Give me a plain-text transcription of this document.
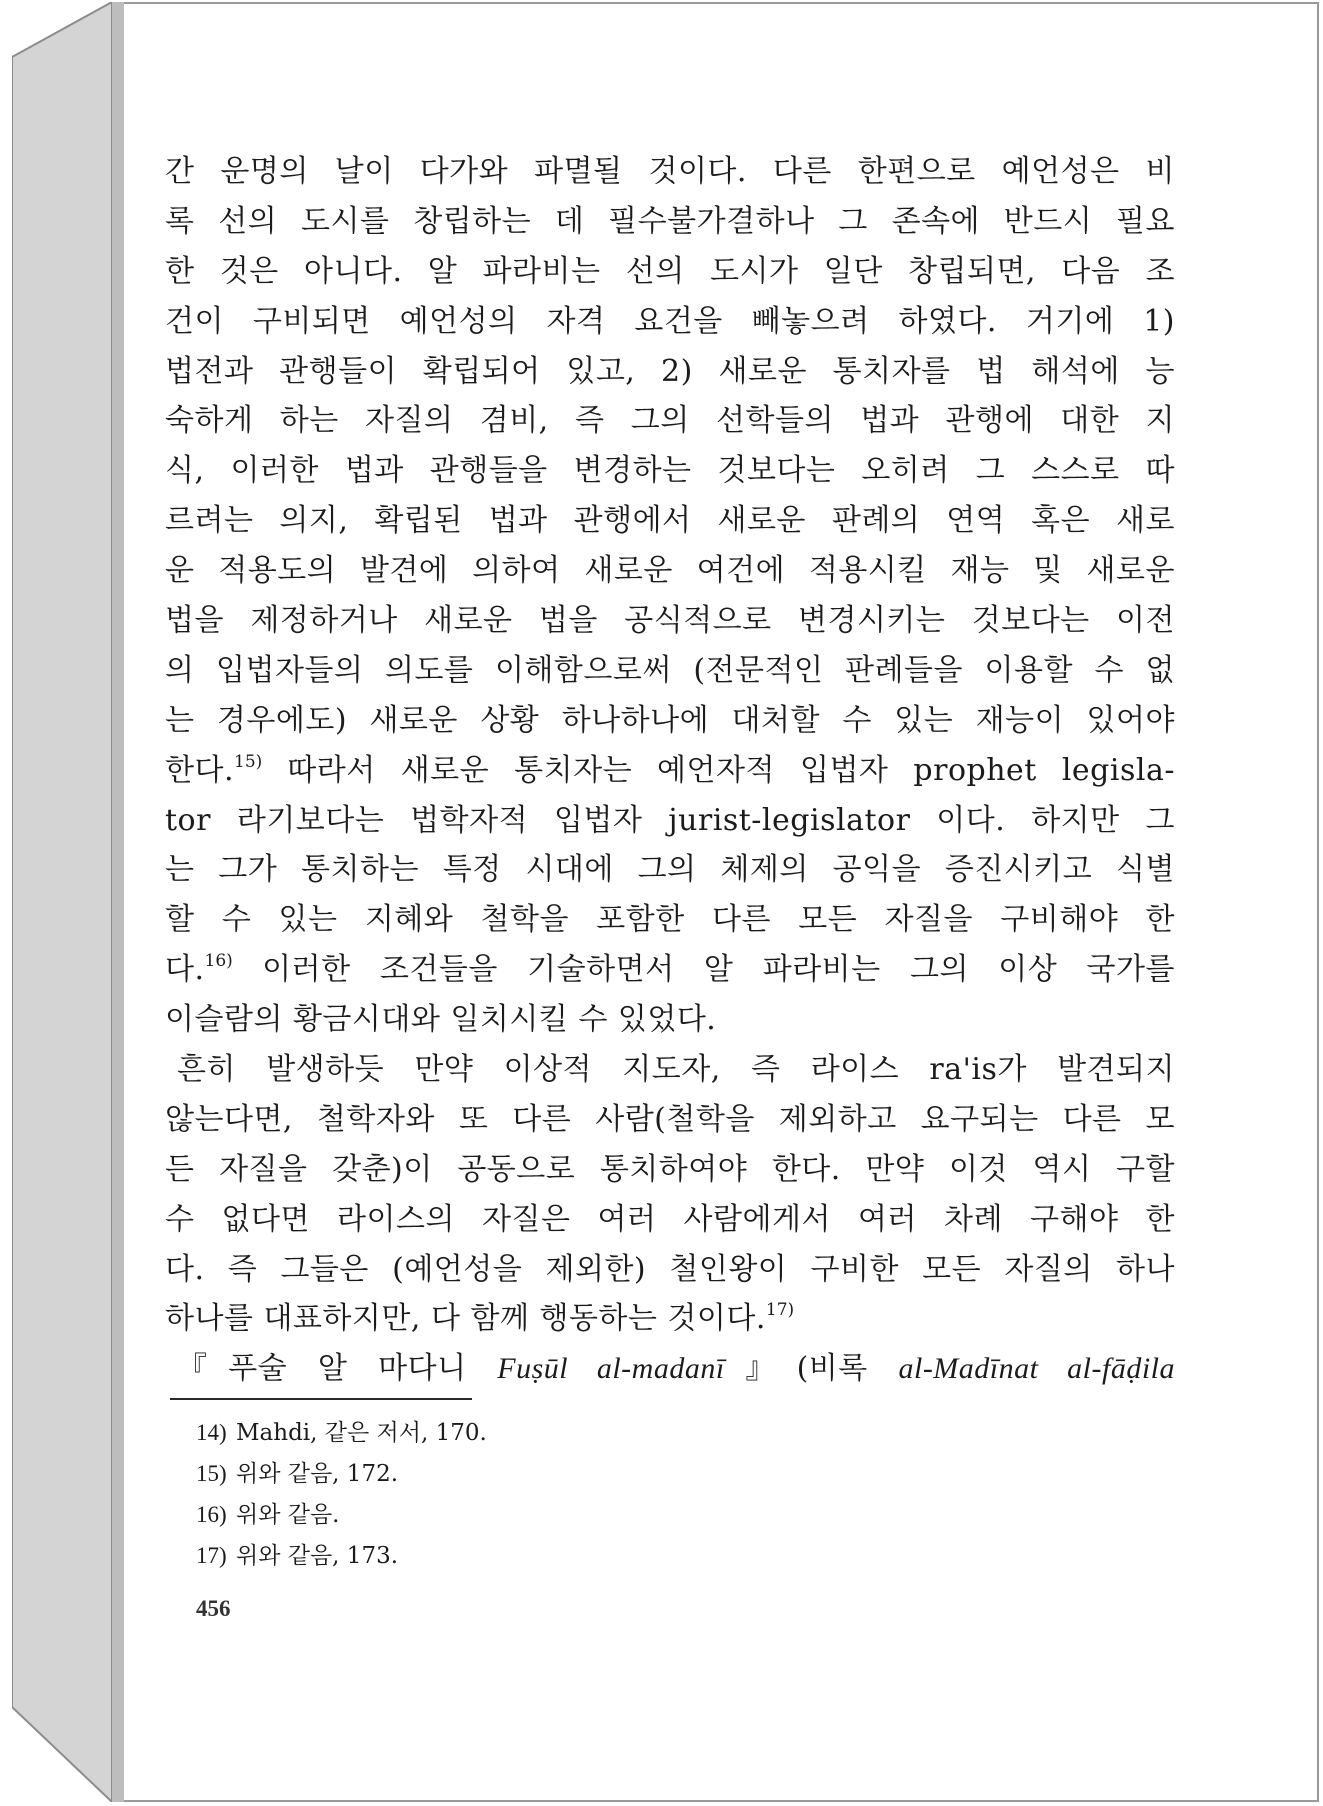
간 운명의 날이 다가와 파멸될 것이다. 다른 한편으로 예언성은 비
록 선의 도시를 창립하는 데 필수불가결하나 그 존속에 반드시 필요
한 것은 아니다. 알 파라비는 선의 도시가 일단 창립되면, 다음 조
건이 구비되면 예언성의 자격 요건을 빼놓으려 하였다. 거기에 1)
법전과 관행들이 확립되어 있고, 2) 새로운 통치자를 법 해석에 능
숙하게 하는 자질의 겸비, 즉 그의 선학들의 법과 관행에 대한 지
식, 이러한 법과 관행들을 변경하는 것보다는 오히려 그 스스로 따
르려는 의지, 확립된 법과 관행에서 새로운 판례의 연역 혹은 새로
운 적용도의 발견에 의하여 새로운 여건에 적용시킬 재능 및 새로운
법을 제정하거나 새로운 법을 공식적으로 변경시키는 것보다는 이전
의 입법자들의 의도를 이해함으로써 (전문적인 판례들을 이용할 수 없
는 경우에도) 새로운 상황 하나하나에 대처할 수 있는 재능이 있어야
한다.$^{15)}$ 따라서 새로운 통치자는 예언자적 입법자 prophet legisla-
tor 라기보다는 법학자적 입법자 jurist-legislator 이다. 하지만 그
는 그가 통치하는 특정 시대에 그의 체제의 공익을 증진시키고 식별
할 수 있는 지혜와 철학을 포함한 다른 모든 자질을 구비해야 한
다.$^{16)}$ 이러한 조건들을 기술하면서 알 파라비는 그의 이상 국가를
이슬람의 황금시대와 일치시킬 수 있었다.
흔히 발생하듯 만약 이상적 지도자, 즉 라이스 ra'is가 발견되지
않는다면, 철학자와 또 다른 사람(철학을 제외하고 요구되는 다른 모
든 자질을 갖춘)이 공동으로 통치하여야 한다. 만약 이것 역시 구할
수 없다면 라이스의 자질은 여러 사람에게서 여러 차례 구해야 한
다. 즉 그들은 (예언성을 제외한) 철인왕이 구비한 모든 자질의 하나
하나를 대표하지만, 다 함께 행동하는 것이다.$^{17)}$
『푸술 알 마다니 Fuṣūl al-madanī』(비록 al-Madīnat al-fāḍila
14) Mahdi, 같은 저서, 170.
15) 위와 같음, 172.
16) 위와 같음.
17) 위와 같음, 173.
456
